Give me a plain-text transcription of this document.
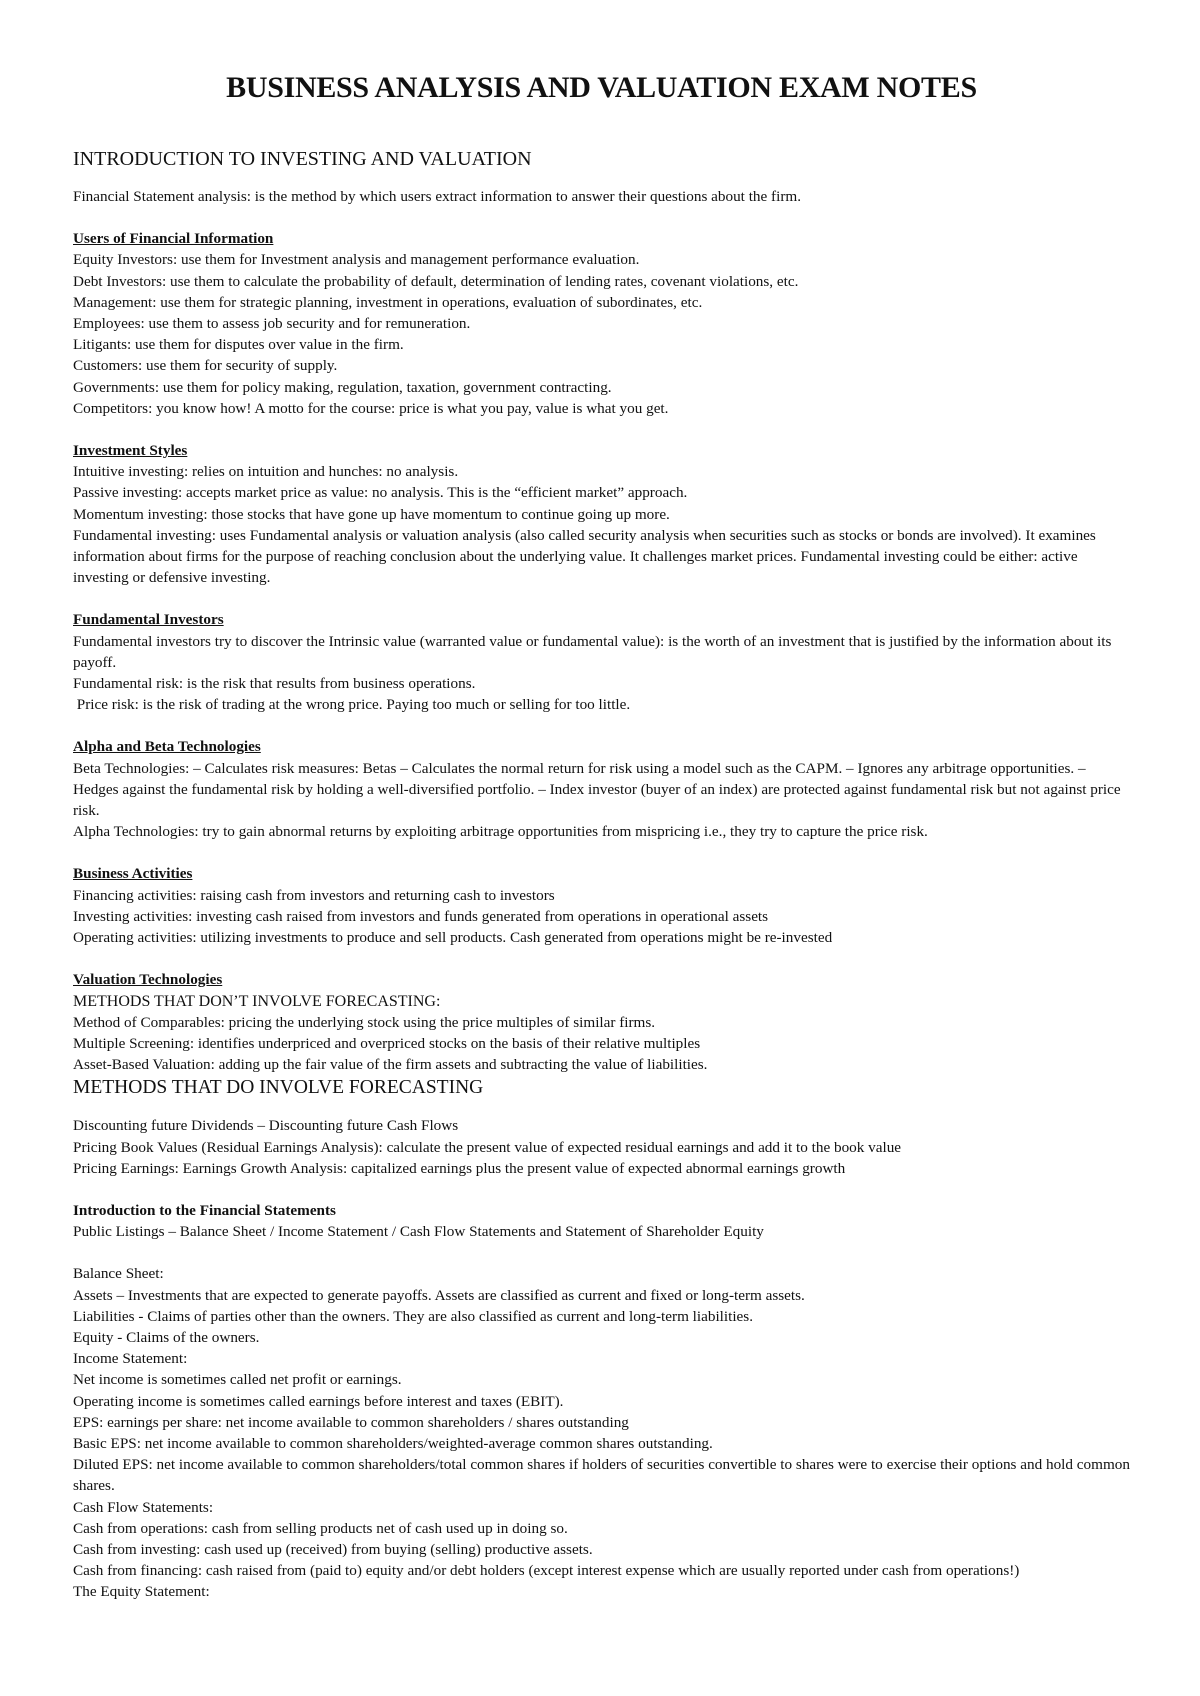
BUSINESS ANALYSIS AND VALUATION EXAM NOTES
INTRODUCTION TO INVESTING AND VALUATION

Financial Statement analysis: is the method by which users extract information to answer their questions about the firm.

Users of Financial Information

Equity Investors: use them for Investment analysis and management performance evaluation.

Debt Investors: use them to calculate the probability of default, determination of lending rates, covenant violations, etc.

Management: use them for strategic planning, investment in operations, evaluation of subordinates, etc.

Employees: use them to assess job security and for remuneration.

Litigants: use them for disputes over value in the firm.

Customers: use them for security of supply.

Governments: use them for policy making, regulation, taxation, government contracting.

Competitors: you know how! A motto for the course: price is what you pay, value is what you get.

Investment Styles

Intuitive investing: relies on intuition and hunches: no analysis.

Passive investing: accepts market price as value: no analysis. This is the “efficient market” approach.

Momentum investing: those stocks that have gone up have momentum to continue going up more.

Fundamental investing: uses Fundamental analysis or valuation analysis (also called security analysis when securities such as stocks or bonds are involved). It examines information about firms for the purpose of reaching conclusion about the underlying value. It challenges market prices. Fundamental investing could be either: active investing or defensive investing.

Fundamental Investors

Fundamental investors try to discover the Intrinsic value (warranted value or fundamental value): is the worth of an investment that is justified by the information about its payoff.

Fundamental risk: is the risk that results from business operations.

Price risk: is the risk of trading at the wrong price. Paying too much or selling for too little.

Alpha and Beta Technologies

Beta Technologies: – Calculates risk measures: Betas – Calculates the normal return for risk using a model such as the CAPM. – Ignores any arbitrage opportunities. – Hedges against the fundamental risk by holding a well-diversified portfolio. – Index investor (buyer of an index) are protected against fundamental risk but not against price risk.

Alpha Technologies: try to gain abnormal returns by exploiting arbitrage opportunities from mispricing i.e., they try to capture the price risk.

Business Activities

Financing activities: raising cash from investors and returning cash to investors

Investing activities: investing cash raised from investors and funds generated from operations in operational assets

Operating activities: utilizing investments to produce and sell products. Cash generated from operations might be re-invested

Valuation Technologies

METHODS THAT DON’T INVOLVE FORECASTING:

Method of Comparables: pricing the underlying stock using the price multiples of similar firms.

Multiple Screening: identifies underpriced and overpriced stocks on the basis of their relative multiples

Asset-Based Valuation: adding up the fair value of the firm assets and subtracting the value of liabilities.

METHODS THAT DO INVOLVE FORECASTING

Discounting future Dividends – Discounting future Cash Flows

Pricing Book Values (Residual Earnings Analysis): calculate the present value of expected residual earnings and add it to the book value

Pricing Earnings: Earnings Growth Analysis: capitalized earnings plus the present value of expected abnormal earnings growth

Introduction to the Financial Statements

Public Listings – Balance Sheet / Income Statement / Cash Flow Statements and Statement of Shareholder Equity

Balance Sheet:

Assets – Investments that are expected to generate payoffs. Assets are classified as current and fixed or long-term assets.

Liabilities - Claims of parties other than the owners. They are also classified as current and long-term liabilities.

Equity - Claims of the owners.

Income Statement:

Net income is sometimes called net profit or earnings.

Operating income is sometimes called earnings before interest and taxes (EBIT).

EPS: earnings per share: net income available to common shareholders / shares outstanding

Basic EPS: net income available to common shareholders/weighted-average common shares outstanding.

Diluted EPS: net income available to common shareholders/total common shares if holders of securities convertible to shares were to exercise their options and hold common shares.

Cash Flow Statements:

Cash from operations: cash from selling products net of cash used up in doing so.

Cash from investing: cash used up (received) from buying (selling) productive assets.

Cash from financing: cash raised from (paid to) equity and/or debt holders (except interest expense which are usually reported under cash from operations!)

The Equity Statement:
